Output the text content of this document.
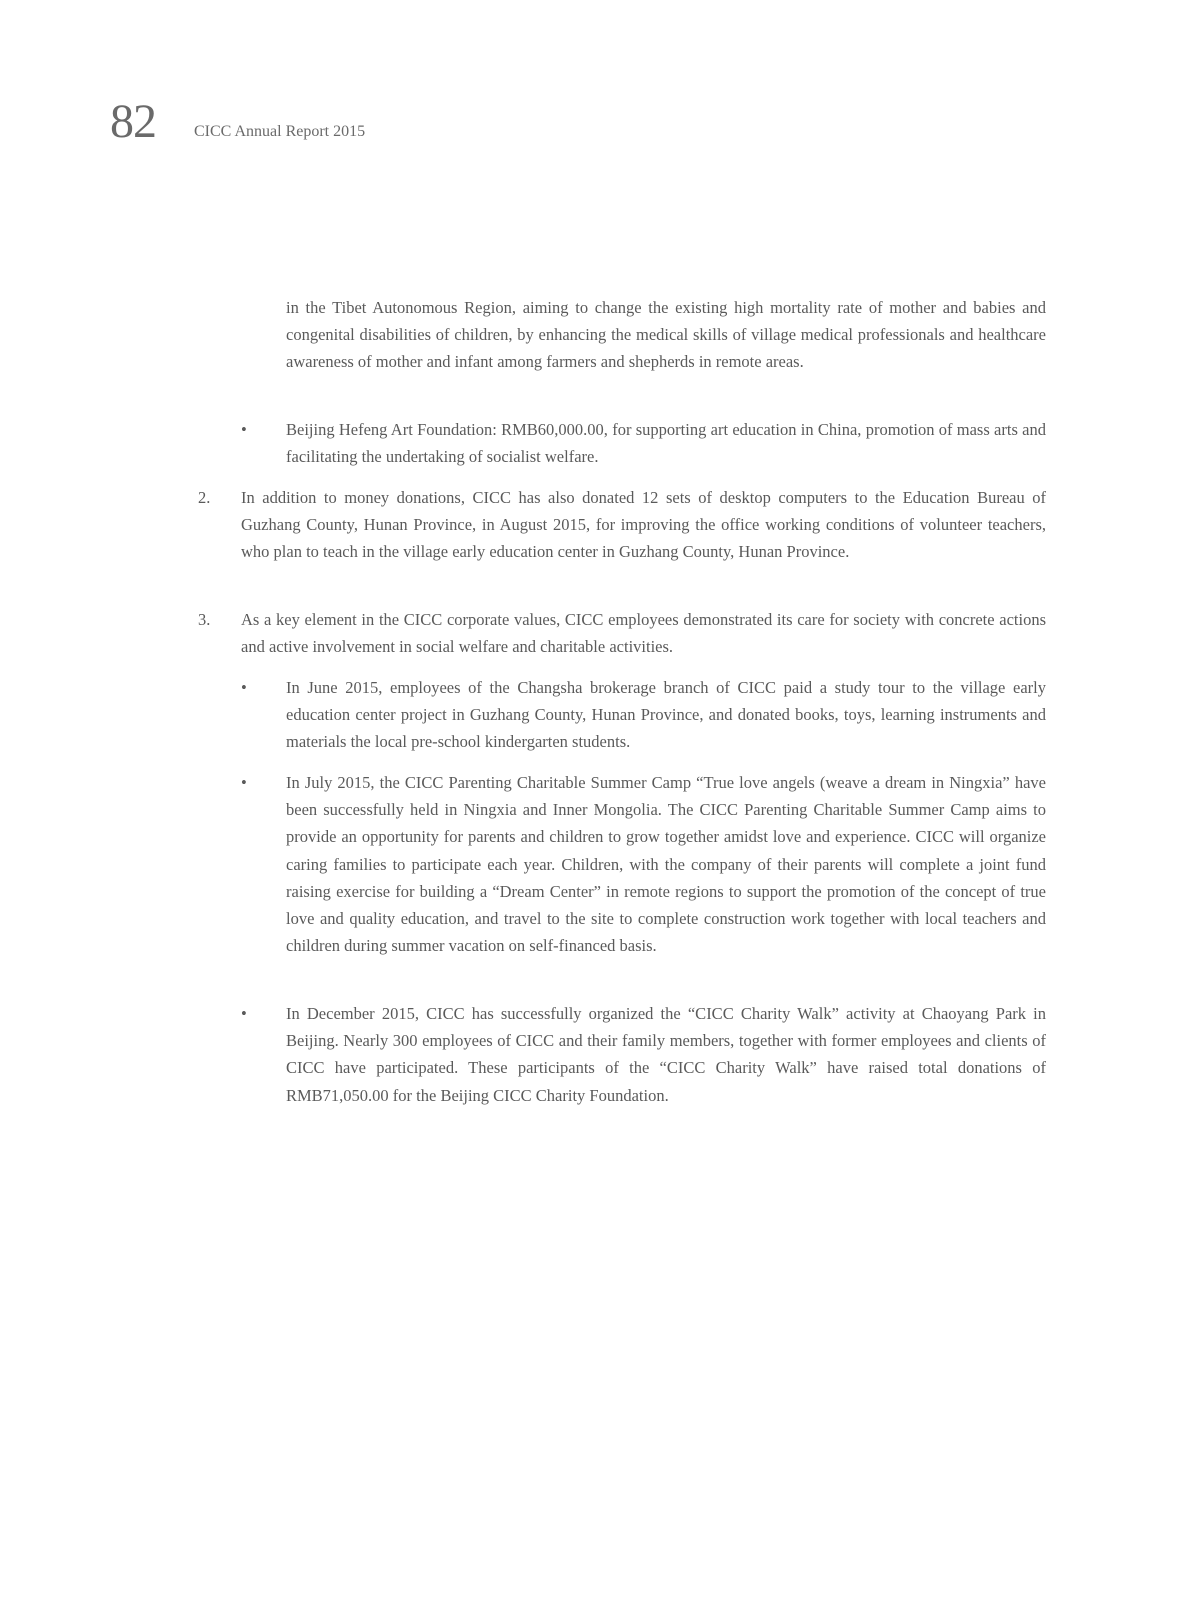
82 CICC Annual Report 2015
in the Tibet Autonomous Region, aiming to change the existing high mortality rate of mother and babies and congenital disabilities of children, by enhancing the medical skills of village medical professionals and healthcare awareness of mother and infant among farmers and shepherds in remote areas.
• Beijing Hefeng Art Foundation: RMB60,000.00, for supporting art education in China, promotion of mass arts and facilitating the undertaking of socialist welfare.
2. In addition to money donations, CICC has also donated 12 sets of desktop computers to the Education Bureau of Guzhang County, Hunan Province, in August 2015, for improving the office working conditions of volunteer teachers, who plan to teach in the village early education center in Guzhang County, Hunan Province.
3. As a key element in the CICC corporate values, CICC employees demonstrated its care for society with concrete actions and active involvement in social welfare and charitable activities.
• In June 2015, employees of the Changsha brokerage branch of CICC paid a study tour to the village early education center project in Guzhang County, Hunan Province, and donated books, toys, learning instruments and materials the local pre-school kindergarten students.
• In July 2015, the CICC Parenting Charitable Summer Camp “True love angels (weave a dream in Ningxia” have been successfully held in Ningxia and Inner Mongolia. The CICC Parenting Charitable Summer Camp aims to provide an opportunity for parents and children to grow together amidst love and experience. CICC will organize caring families to participate each year. Children, with the company of their parents will complete a joint fund raising exercise for building a “Dream Center” in remote regions to support the promotion of the concept of true love and quality education, and travel to the site to complete construction work together with local teachers and children during summer vacation on self-financed basis.
• In December 2015, CICC has successfully organized the “CICC Charity Walk” activity at Chaoyang Park in Beijing. Nearly 300 employees of CICC and their family members, together with former employees and clients of CICC have participated. These participants of the “CICC Charity Walk” have raised total donations of RMB71,050.00 for the Beijing CICC Charity Foundation.
